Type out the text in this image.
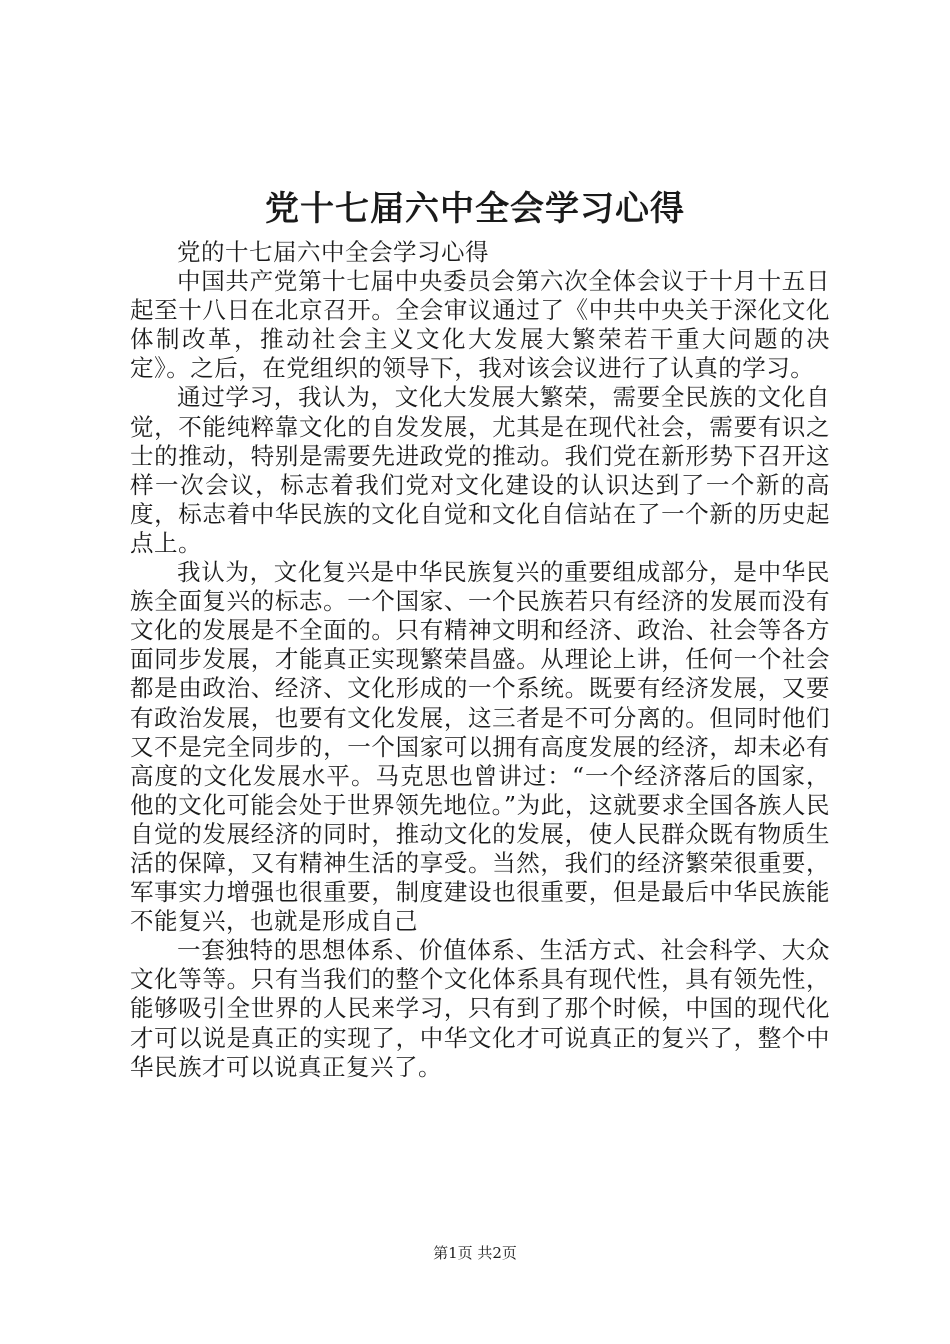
党十七届六中全会学习心得

党的十七届六中全会学习心得

中国共产党第十七届中央委员会第六次全体会议于十月十五日起至十八日在北京召开。全会审议通过了《中共中央关于深化文化体制改革，推动社会主义文化大发展大繁荣若干重大问题的决定》。之后，在党组织的领导下，我对该会议进行了认真的学习。

通过学习，我认为，文化大发展大繁荣，需要全民族的文化自觉，不能纯粹靠文化的自发发展，尤其是在现代社会，需要有识之士的推动，特别是需要先进政党的推动。我们党在新形势下召开这样一次会议，标志着我们党对文化建设的认识达到了一个新的高度，标志着中华民族的文化自觉和文化自信站在了一个新的历史起点上。

我认为，文化复兴是中华民族复兴的重要组成部分，是中华民族全面复兴的标志。一个国家、一个民族若只有经济的发展而没有文化的发展是不全面的。只有精神文明和经济、政治、社会等各方面同步发展，才能真正实现繁荣昌盛。从理论上讲，任何一个社会都是由政治、经济、文化形成的一个系统。既要有经济发展，又要有政治发展，也要有文化发展，这三者是不可分离的。但同时他们又不是完全同步的，一个国家可以拥有高度发展的经济，却未必有高度的文化发展水平。马克思也曾讲过：“一个经济落后的国家，他的文化可能会处于世界领先地位。”为此，这就要求全国各族人民自觉的发展经济的同时，推动文化的发展，使人民群众既有物质生活的保障，又有精神生活的享受。当然，我们的经济繁荣很重要，军事实力增强也很重要，制度建设也很重要，但是最后中华民族能不能复兴，也就是形成自己

一套独特的思想体系、价值体系、生活方式、社会科学、大众文化等等。只有当我们的整个文化体系具有现代性，具有领先性，能够吸引全世界的人民来学习，只有到了那个时候，中国的现代化才可以说是真正的实现了，中华文化才可说真正的复兴了，整个中华民族才可以说真正复兴了。

第1页 共2页
